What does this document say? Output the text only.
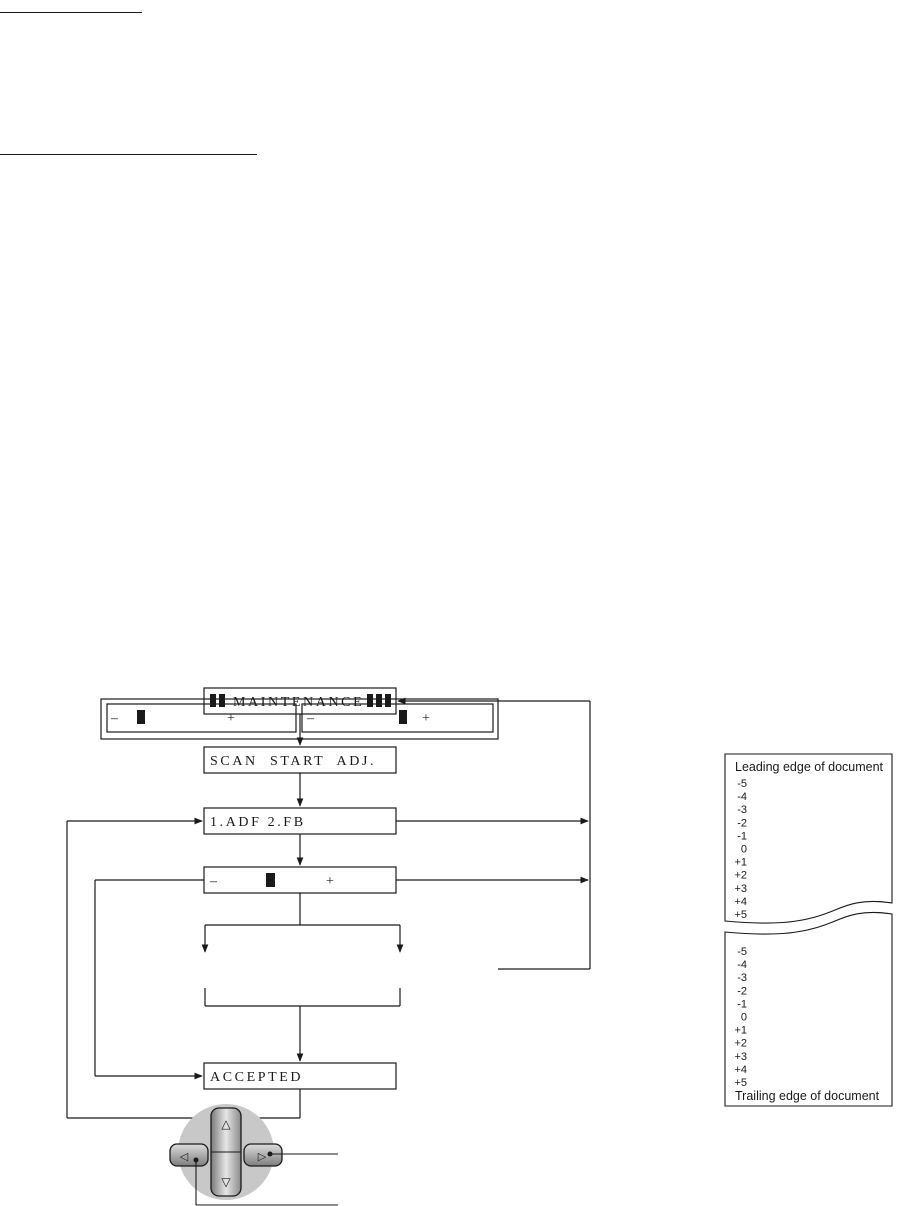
MAINTENANCE
SCAN  START  ADJ.
1.ADF 2.FB
–	+
–	+	–	+
ACCEPTED
△
▽
◁	▷
Leading edge of document
-5
-4
-3
-2
-1
0
+1
+2
+3
+4
+5
-5
-4
-3
-2
-1
0
+1
+2
+3
+4
+5
Trailing edge of document
